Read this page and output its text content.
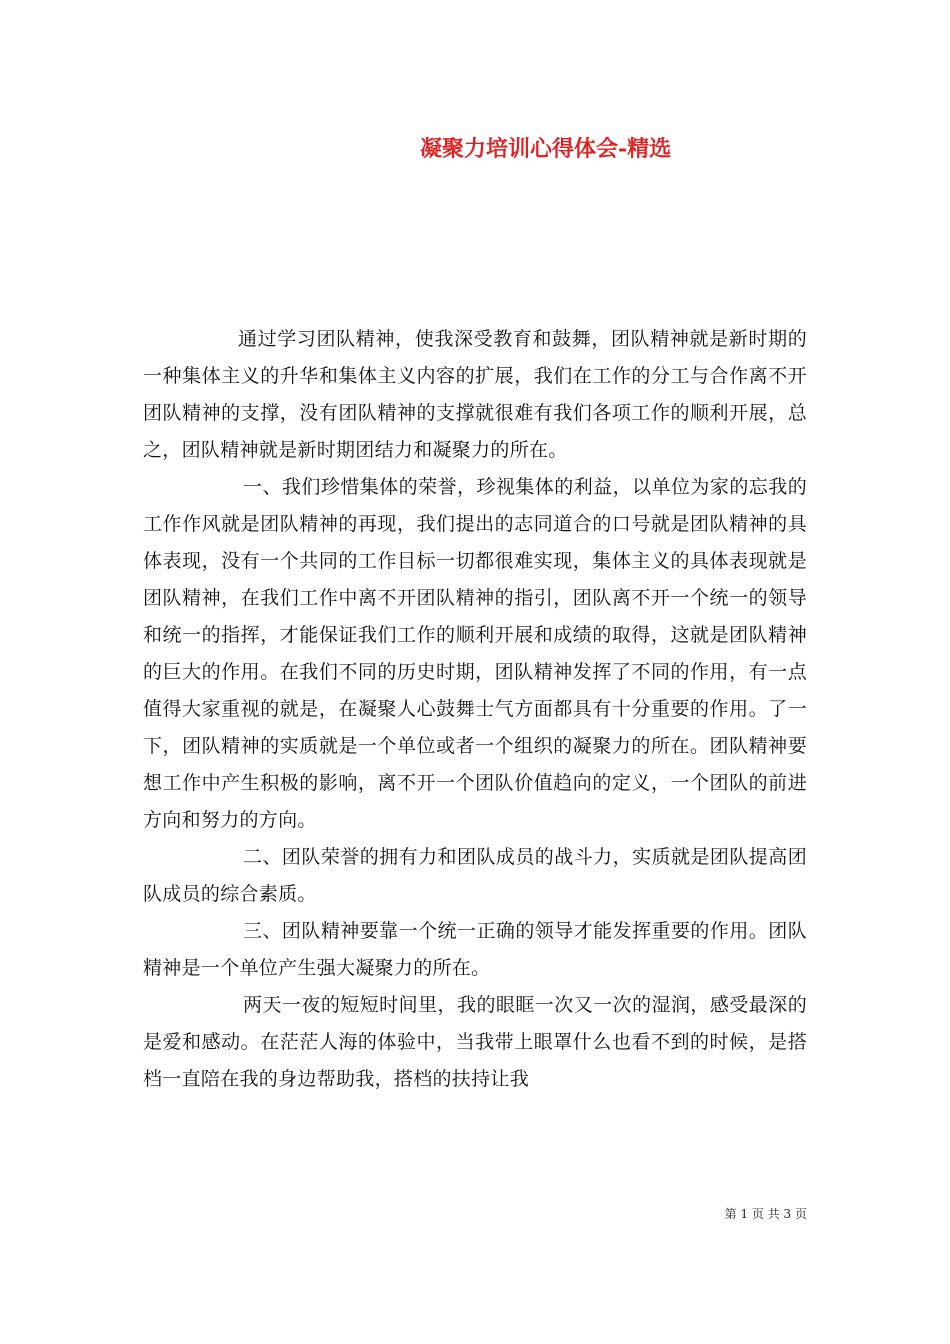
凝聚力培训心得体会-精选

通过学习团队精神，使我深受教育和鼓舞，团队精神就是新时期的一种集体主义的升华和集体主义内容的扩展，我们在工作的分工与合作离不开团队精神的支撑，没有团队精神的支撑就很难有我们各项工作的顺利开展，总之，团队精神就是新时期团结力和凝聚力的所在。

一、我们珍惜集体的荣誉，珍视集体的利益，以单位为家的忘我的工作作风就是团队精神的再现，我们提出的志同道合的口号就是团队精神的具体表现，没有一个共同的工作目标一切都很难实现，集体主义的具体表现就是团队精神，在我们工作中离不开团队精神的指引，团队离不开一个统一的领导和统一的指挥，才能保证我们工作的顺利开展和成绩的取得，这就是团队精神的巨大的作用。在我们不同的历史时期，团队精神发挥了不同的作用，有一点值得大家重视的就是，在凝聚人心鼓舞士气方面都具有十分重要的作用。了一下，团队精神的实质就是一个单位或者一个组织的凝聚力的所在。团队精神要想工作中产生积极的影响，离不开一个团队价值趋向的定义，一个团队的前进方向和努力的方向。

二、团队荣誉的拥有力和团队成员的战斗力，实质就是团队提高团队成员的综合素质。

三、团队精神要靠一个统一正确的领导才能发挥重要的作用。团队精神是一个单位产生强大凝聚力的所在。

两天一夜的短短时间里，我的眼眶一次又一次的湿润，感受最深的是爱和感动。在茫茫人海的体验中，当我带上眼罩什么也看不到的时候，是搭档一直陪在我的身边帮助我，搭档的扶持让我

第 1 页 共 3 页
